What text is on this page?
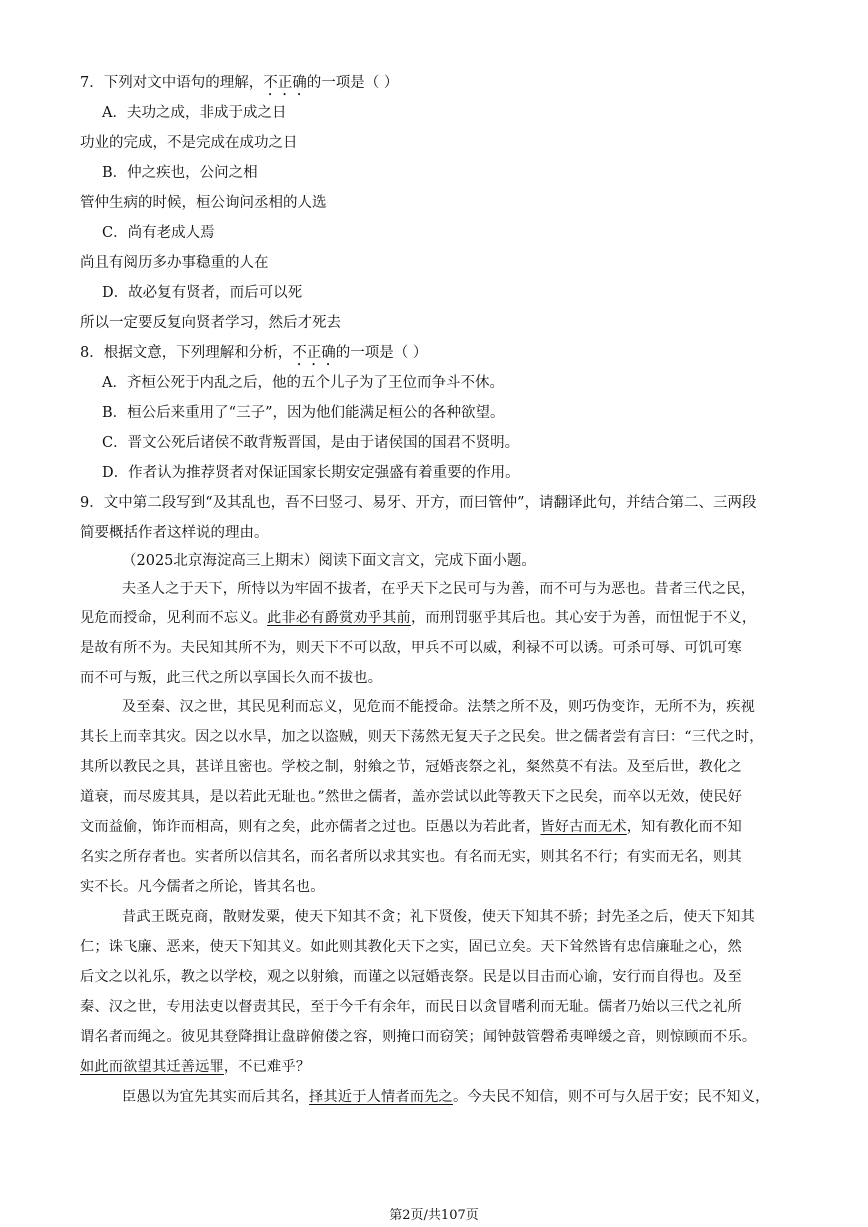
7．下列对文中语句的理解，不正确的一项是（ ）
A．夫功之成，非成于成之日
功业的完成，不是完成在成功之日
B．仲之疾也，公问之相
管仲生病的时候，桓公询问丞相的人选
C．尚有老成人焉
尚且有阅历多办事稳重的人在
D．故必复有贤者，而后可以死
所以一定要反复向贤者学习，然后才死去
8．根据文意，下列理解和分析，不正确的一项是（ ）
A．齐桓公死于内乱之后，他的五个儿子为了王位而争斗不休。
B．桓公后来重用了“三子”，因为他们能满足桓公的各种欲望。
C．晋文公死后诸侯不敢背叛晋国，是由于诸侯国的国君不贤明。
D．作者认为推荐贤者对保证国家长期安定强盛有着重要的作用。
9．文中第二段写到“及其乱也，吾不曰竖刁、易牙、开方，而曰管仲”，请翻译此句，并结合第二、三两段
简要概括作者这样说的理由。
（2025北京海淀高三上期末）阅读下面文言文，完成下面小题。
夫圣人之于天下，所恃以为牢固不拔者，在乎天下之民可与为善，而不可与为恶也。昔者三代之民，
见危而授命，见利而不忘义。此非必有爵赏劝乎其前，而刑罚驱乎其后也。其心安于为善，而忸怩于不义，
是故有所不为。夫民知其所不为，则天下不可以敌，甲兵不可以威，利禄不可以诱。可杀可辱、可饥可寒
而不可与叛，此三代之所以享国长久而不拔也。
及至秦、汉之世，其民见利而忘义，见危而不能授命。法禁之所不及，则巧伪变诈，无所不为，疾视
其长上而幸其灾。因之以水旱，加之以盗贼，则天下荡然无复天子之民矣。世之儒者尝有言曰：“三代之时，
其所以教民之具，甚详且密也。学校之制，射飨之节，冠婚丧祭之礼，粲然莫不有法。及至后世，教化之
道衰，而尽废其具，是以若此无耻也。”然世之儒者，盖亦尝试以此等教天下之民矣，而卒以无效，使民好
文而益偷，饰诈而相高，则有之矣，此亦儒者之过也。臣愚以为若此者，皆好古而无术，知有教化而不知
名实之所存者也。实者所以信其名，而名者所以求其实也。有名而无实，则其名不行；有实而无名，则其
实不长。凡今儒者之所论，皆其名也。
昔武王既克商，散财发粟，使天下知其不贪；礼下贤俊，使天下知其不骄；封先圣之后，使天下知其
仁；诛飞廉、恶来，使天下知其义。如此则其教化天下之实，固已立矣。天下耸然皆有忠信廉耻之心，然
后文之以礼乐，教之以学校，观之以射飨，而谨之以冠婚丧祭。民是以目击而心谕，安行而自得也。及至
秦、汉之世，专用法吏以督责其民，至于今千有余年，而民日以贪冒嗜利而无耻。儒者乃始以三代之礼所
谓名者而绳之。彼见其登降揖让盘辟俯偻之容，则掩口而窃笑；闻钟鼓管磬希夷啴缓之音，则惊顾而不乐。
如此而欲望其迁善远罪，不已难乎？
臣愚以为宜先其实而后其名，择其近于人情者而先之。今夫民不知信，则不可与久居于安；民不知义，
第2页/共107页
